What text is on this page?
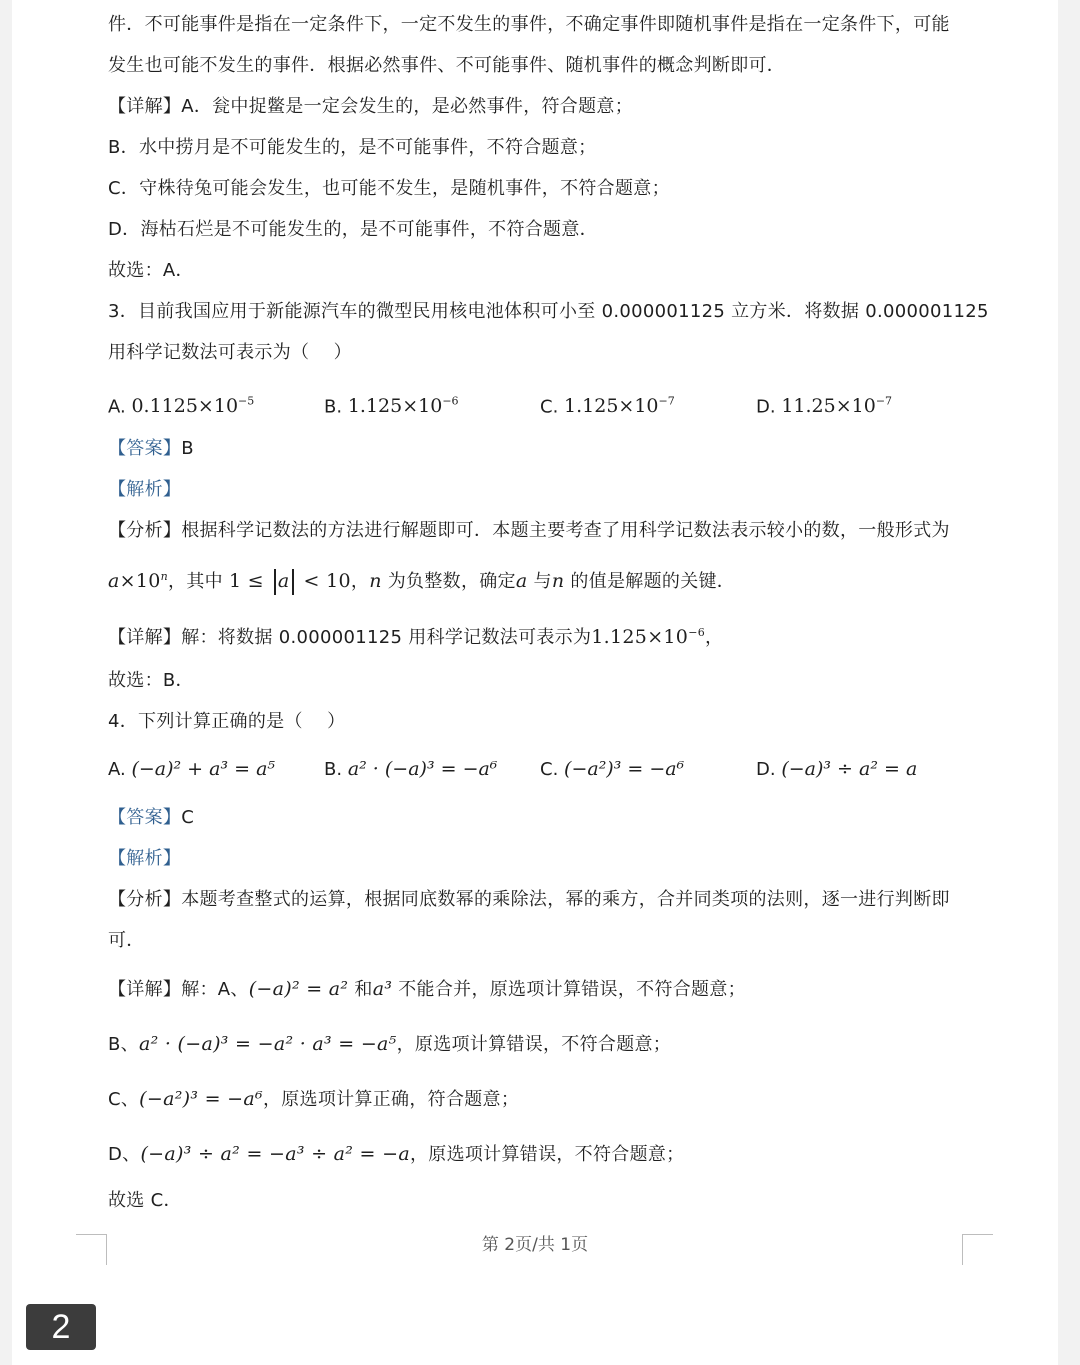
件．不可能事件是指在一定条件下，一定不发生的事件，不确定事件即随机事件是指在一定条件下，可能
发生也可能不发生的事件．根据必然事件、不可能事件、随机事件的概念判断即可．
【详解】A．瓮中捉鳖是一定会发生的，是必然事件，符合题意；
B．水中捞月是不可能发生的，是不可能事件，不符合题意；
C．守株待兔可能会发生，也可能不发生，是随机事件，不符合题意；
D．海枯石烂是不可能发生的，是不可能事件，不符合题意．
故选：A．
3．目前我国应用于新能源汽车的微型民用核电池体积可小至 0.000001125 立方米．将数据 0.000001125
用科学记数法可表示为（　 ）
A. $0.1125\times 10^{-5}$	B. $1.125\times 10^{-6}$	C. $1.125\times 10^{-7}$	D. $11.25\times 10^{-7}$
【答案】B
【解析】
【分析】根据科学记数法的方法进行解题即可．本题主要考查了用科学记数法表示较小的数，一般形式为
$a\times 10^n$，其中 1 ≤ a < 10，n 为负整数，确定a 与n 的值是解题的关键．
【详解】解：将数据 0.000001125 用科学记数法可表示为$1.125\times 10^{-6}$，
故选：B．
4．下列计算正确的是（　 ）
A. (−a)² + a³ = a⁵	B. a² · (−a)³ = −a⁶ C. (−a²)³ = −a⁶	D. (−a)³ ÷ a² = a
【答案】C
【解析】
【分析】本题考查整式的运算，根据同底数幂的乘除法，幂的乘方，合并同类项的法则，逐一进行判断即
可．
【详解】解：A、(−a)² = a² 和a³ 不能合并，原选项计算错误，不符合题意；
B、a² · (−a)³ = −a² · a³ = −a⁵，原选项计算错误，不符合题意；
C、(−a²)³ = −a⁶，原选项计算正确，符合题意；
D、(−a)³ ÷ a² = −a³ ÷ a² = −a，原选项计算错误，不符合题意；
故选 C．
第 2页/共 1页
2
